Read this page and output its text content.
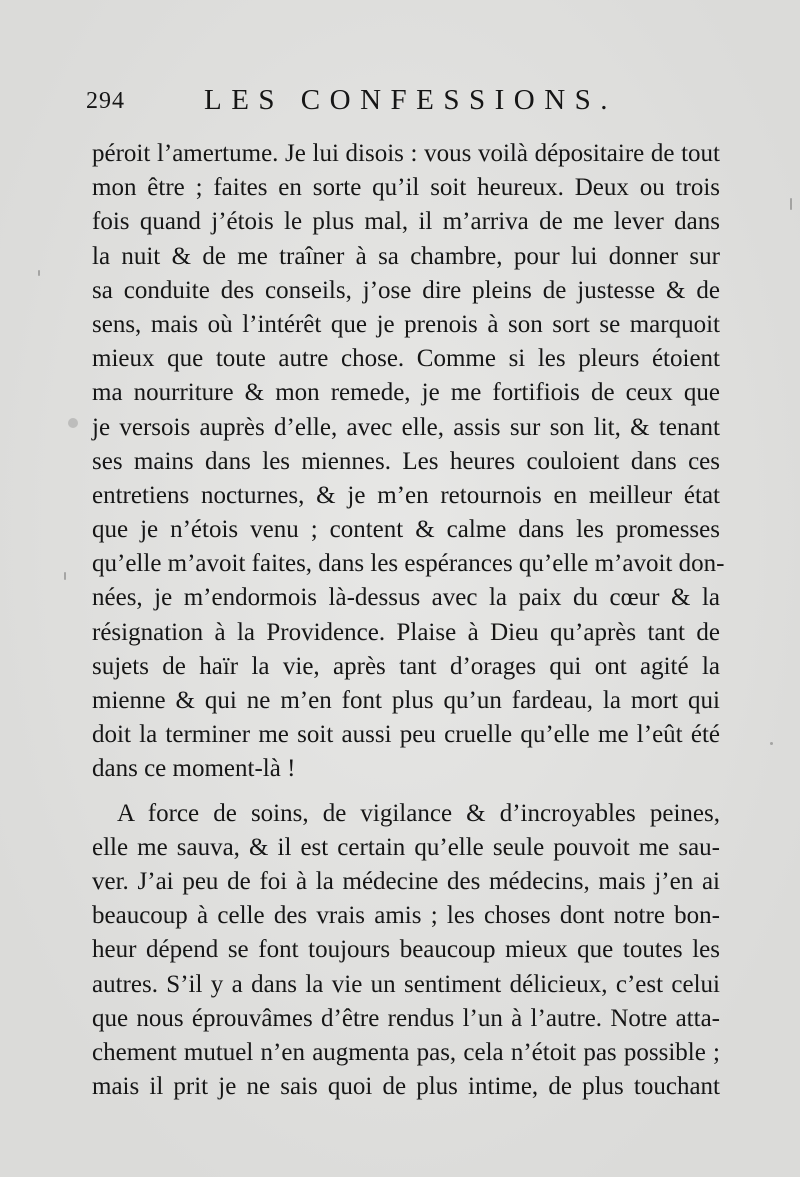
294	LES CONFESSIONS.
péroit l’amertume. Je lui disois : vous voilà dépositaire de tout
mon être ; faites en sorte qu’il soit heureux. Deux ou trois
fois quand j’étois le plus mal, il m’arriva de me lever dans
la nuit & de me traîner à sa chambre, pour lui donner sur
sa conduite des conseils, j’ose dire pleins de justesse & de
sens, mais où l’intérêt que je prenois à son sort se marquoit
mieux que toute autre chose. Comme si les pleurs étoient
ma nourriture & mon remede, je me fortifiois de ceux que
je versois auprès d’elle, avec elle, assis sur son lit, & tenant
ses mains dans les miennes. Les heures couloient dans ces
entretiens nocturnes, & je m’en retournois en meilleur état
que je n’étois venu ; content & calme dans les promesses
qu’elle m’avoit faites, dans les espérances qu’elle m’avoit don-
nées, je m’endormois là-dessus avec la paix du cœur & la
résignation à la Providence. Plaise à Dieu qu’après tant de
sujets de haïr la vie, après tant d’orages qui ont agité la
mienne & qui ne m’en font plus qu’un fardeau, la mort qui
doit la terminer me soit aussi peu cruelle qu’elle me l’eût été
dans ce moment-là !
A force de soins, de vigilance & d’incroyables peines,
elle me sauva, & il est certain qu’elle seule pouvoit me sau-
ver. J’ai peu de foi à la médecine des médecins, mais j’en ai
beaucoup à celle des vrais amis ; les choses dont notre bon-
heur dépend se font toujours beaucoup mieux que toutes les
autres. S’il y a dans la vie un sentiment délicieux, c’est celui
que nous éprouvâmes d’être rendus l’un à l’autre. Notre atta-
chement mutuel n’en augmenta pas, cela n’étoit pas possible ;
mais il prit je ne sais quoi de plus intime, de plus touchant
